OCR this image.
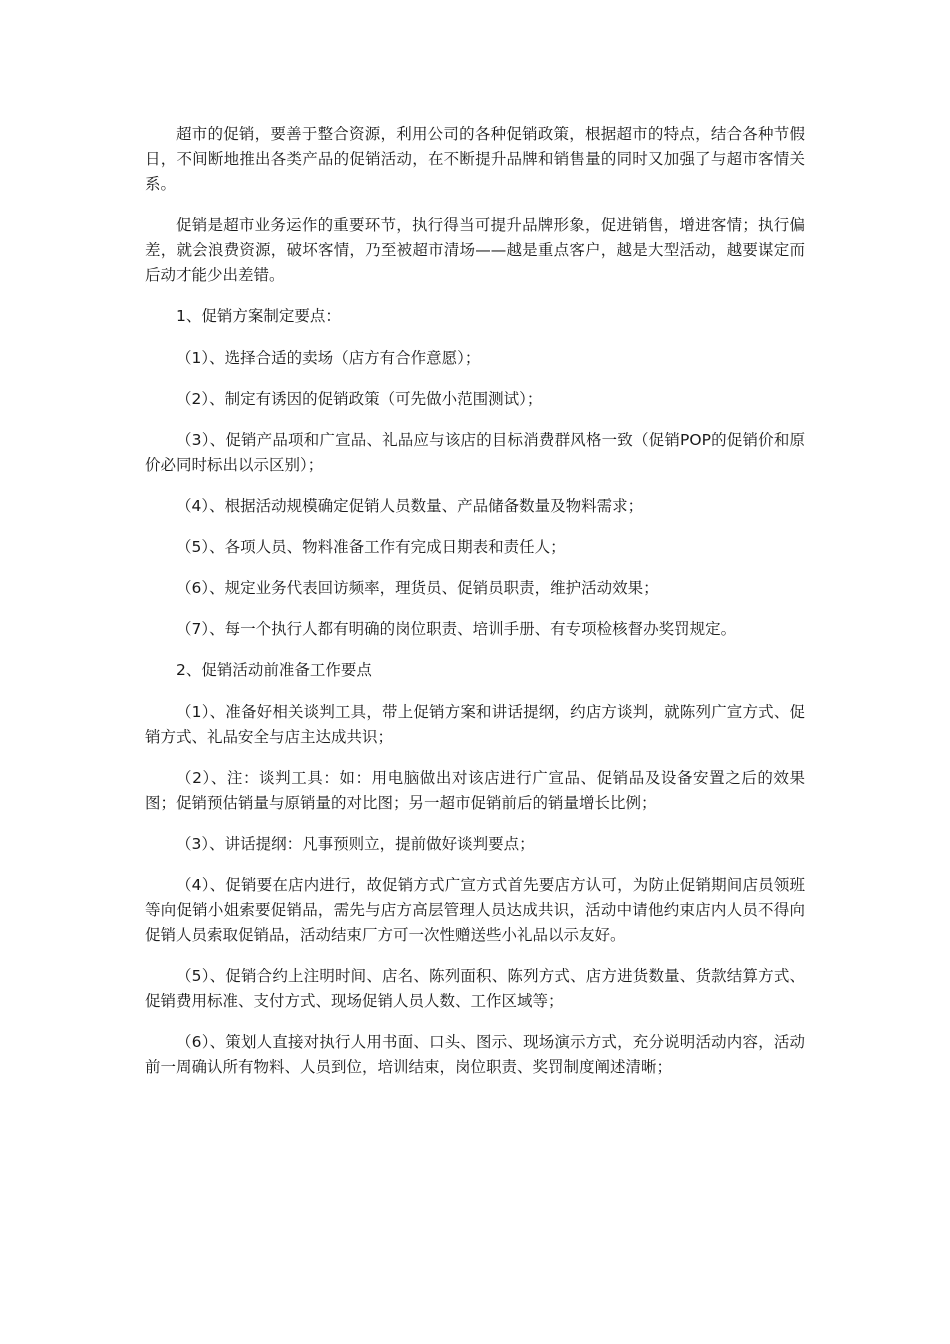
超市的促销，要善于整合资源，利用公司的各种促销政策，根据超市的特点，结合各种节假日，不间断地推出各类产品的促销活动，在不断提升品牌和销售量的同时又加强了与超市客情关系。

促销是超市业务运作的重要环节，执行得当可提升品牌形象，促进销售，增进客情；执行偏差，就会浪费资源，破坏客情，乃至被超市清场——越是重点客户，越是大型活动，越要谋定而后动才能少出差错。

1、促销方案制定要点：

（1）、选择合适的卖场（店方有合作意愿）；

（2）、制定有诱因的促销政策（可先做小范围测试）；

（3）、促销产品项和广宣品、礼品应与该店的目标消费群风格一致（促销POP的促销价和原价必同时标出以示区别）；

（4）、根据活动规模确定促销人员数量、产品储备数量及物料需求；

（5）、各项人员、物料准备工作有完成日期表和责任人；

（6）、规定业务代表回访频率，理货员、促销员职责，维护活动效果；

（7）、每一个执行人都有明确的岗位职责、培训手册、有专项检核督办奖罚规定。

2、促销活动前准备工作要点

（1）、准备好相关谈判工具，带上促销方案和讲话提纲，约店方谈判，就陈列广宣方式、促销方式、礼品安全与店主达成共识；

（2）、注：谈判工具：如：用电脑做出对该店进行广宣品、促销品及设备安置之后的效果图；促销预估销量与原销量的对比图；另一超市促销前后的销量增长比例；

（3）、讲话提纲：凡事预则立，提前做好谈判要点；

（4）、促销要在店内进行，故促销方式广宣方式首先要店方认可，为防止促销期间店员领班等向促销小姐索要促销品，需先与店方高层管理人员达成共识，活动中请他约束店内人员不得向促销人员索取促销品，活动结束厂方可一次性赠送些小礼品以示友好。

（5）、促销合约上注明时间、店名、陈列面积、陈列方式、店方进货数量、货款结算方式、促销费用标准、支付方式、现场促销人员人数、工作区域等；

（6）、策划人直接对执行人用书面、口头、图示、现场演示方式，充分说明活动内容，活动前一周确认所有物料、人员到位，培训结束，岗位职责、奖罚制度阐述清晰；
